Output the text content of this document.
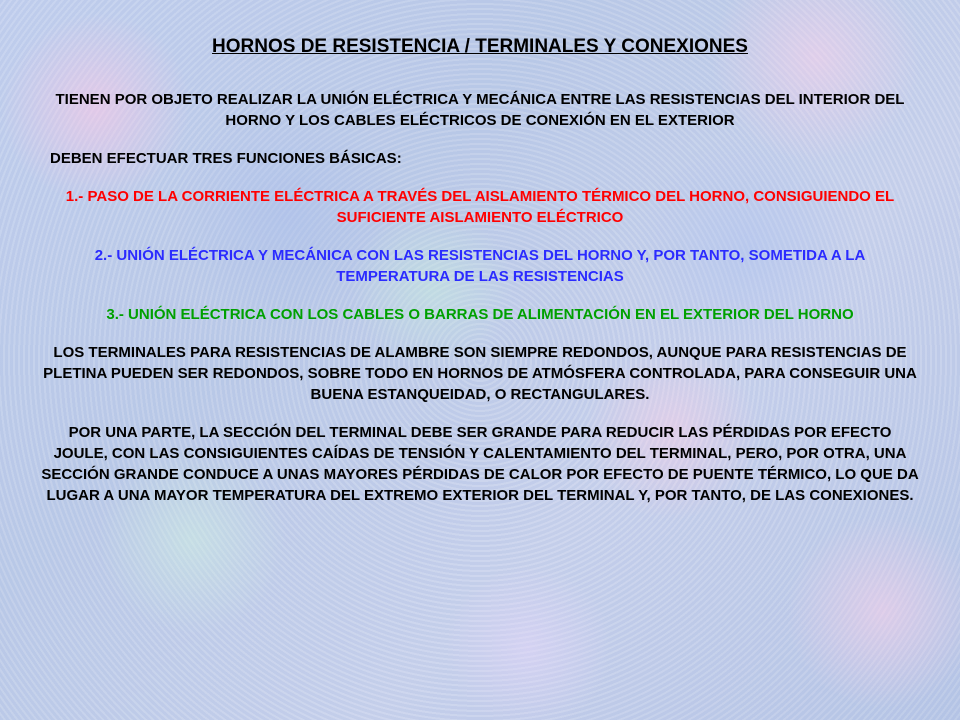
HORNOS DE RESISTENCIA / TERMINALES Y CONEXIONES
TIENEN POR OBJETO REALIZAR LA UNIÓN ELÉCTRICA Y MECÁNICA ENTRE LAS RESISTENCIAS DEL INTERIOR DEL HORNO Y LOS CABLES ELÉCTRICOS DE CONEXIÓN EN EL EXTERIOR
DEBEN EFECTUAR TRES FUNCIONES BÁSICAS:
1.- PASO DE LA CORRIENTE ELÉCTRICA A TRAVÉS DEL AISLAMIENTO TÉRMICO DEL HORNO, CONSIGUIENDO EL SUFICIENTE AISLAMIENTO ELÉCTRICO
2.- UNIÓN ELÉCTRICA Y MECÁNICA CON LAS RESISTENCIAS DEL HORNO Y, POR TANTO, SOMETIDA A LA TEMPERATURA DE LAS RESISTENCIAS
3.- UNIÓN ELÉCTRICA CON LOS CABLES O BARRAS DE ALIMENTACIÓN EN EL EXTERIOR DEL HORNO
LOS TERMINALES PARA RESISTENCIAS DE ALAMBRE SON SIEMPRE REDONDOS, AUNQUE PARA RESISTENCIAS DE PLETINA PUEDEN SER REDONDOS, SOBRE TODO EN HORNOS DE ATMÓSFERA CONTROLADA, PARA CONSEGUIR UNA BUENA ESTANQUEIDAD, O RECTANGULARES.
POR UNA PARTE, LA SECCIÓN DEL TERMINAL DEBE SER GRANDE PARA REDUCIR LAS PÉRDIDAS POR EFECTO JOULE, CON LAS CONSIGUIENTES CAÍDAS DE TENSIÓN Y CALENTAMIENTO DEL TERMINAL, PERO, POR OTRA, UNA SECCIÓN GRANDE CONDUCE A UNAS MAYORES PÉRDIDAS DE CALOR POR EFECTO DE PUENTE TÉRMICO, LO QUE DA LUGAR A UNA MAYOR TEMPERATURA DEL EXTREMO EXTERIOR DEL TERMINAL Y, POR TANTO, DE LAS CONEXIONES.
